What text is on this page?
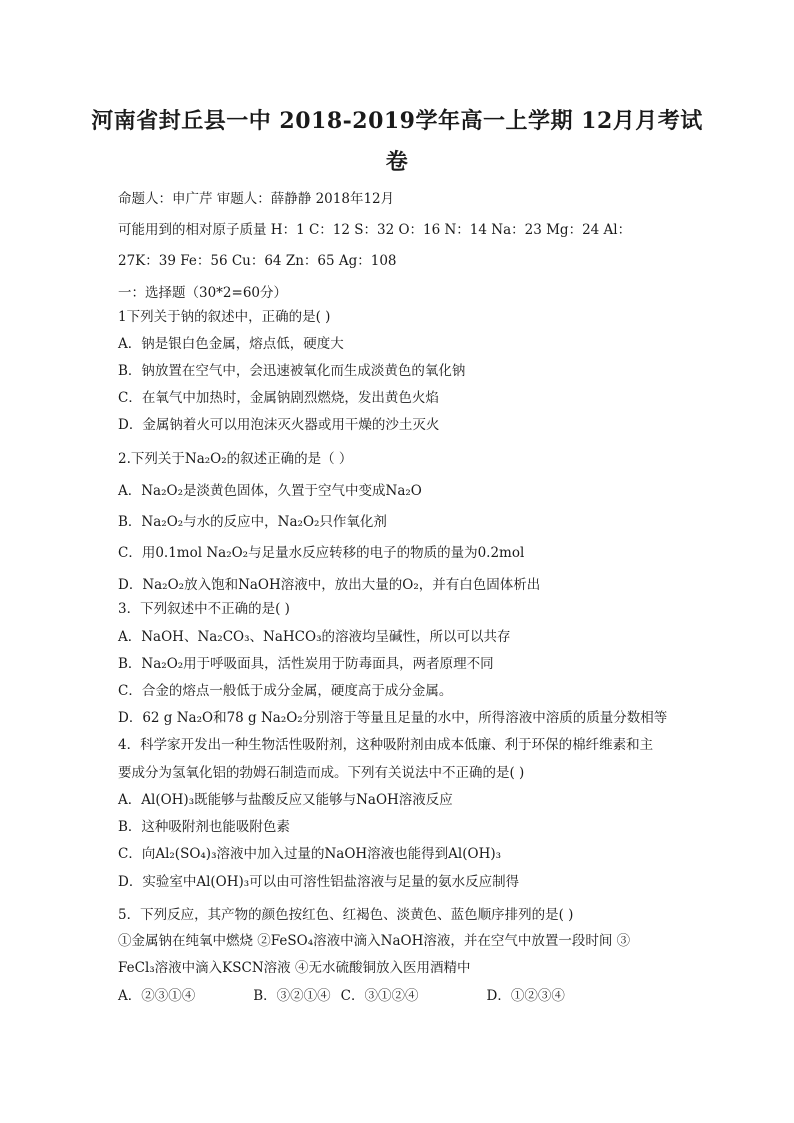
河南省封丘县一中 2018-2019学年高一上学期 12月月考试
卷
命题人：申广芹 审题人：薛静静 2018年12月
可能用到的相对原子质量 H：1 C：12 S：32 O：16 N：14 Na：23 Mg：24 Al：
27K：39 Fe：56 Cu：64 Zn：65 Ag：108
一：选择题（30*2=60分）
1下列关于钠的叙述中，正确的是( )
A．钠是银白色金属，熔点低，硬度大
B．钠放置在空气中，会迅速被氧化而生成淡黄色的氧化钠
C．在氧气中加热时，金属钠剧烈燃烧，发出黄色火焰
D．金属钠着火可以用泡沫灭火器或用干燥的沙土灭火
2.下列关于Na₂O₂的叙述正确的是（ ）
A．Na₂O₂是淡黄色固体，久置于空气中变成Na₂O
B．Na₂O₂与水的反应中，Na₂O₂只作氧化剂
C．用0.1mol Na₂O₂与足量水反应转移的电子的物质的量为0.2mol
D．Na₂O₂放入饱和NaOH溶液中，放出大量的O₂，并有白色固体析出
3．下列叙述中不正确的是( )
A．NaOH、Na₂CO₃、NaHCO₃的溶液均呈碱性，所以可以共存
B．Na₂O₂用于呼吸面具，活性炭用于防毒面具，两者原理不同
C．合金的熔点一般低于成分金属，硬度高于成分金属。
D．62 g Na₂O和78 g Na₂O₂分别溶于等量且足量的水中，所得溶液中溶质的质量分数相等
4．科学家开发出一种生物活性吸附剂，这种吸附剂由成本低廉、利于环保的棉纤维素和主
要成分为氢氧化铝的勃姆石制造而成。下列有关说法中不正确的是( )
A．Al(OH)₃既能够与盐酸反应又能够与NaOH溶液反应
B．这种吸附剂也能吸附色素
C．向Al₂(SO₄)₃溶液中加入过量的NaOH溶液也能得到Al(OH)₃
D．实验室中Al(OH)₃可以由可溶性铝盐溶液与足量的氨水反应制得
5．下列反应，其产物的颜色按红色、红褐色、淡黄色、蓝色顺序排列的是( )
①金属钠在纯氧中燃烧 ②FeSO₄溶液中滴入NaOH溶液，并在空气中放置一段时间 ③
FeCl₃溶液中滴入KSCN溶液 ④无水硫酸铜放入医用酒精中
A．②③①④	B．③②①④ C．③①②④	D．①②③④
